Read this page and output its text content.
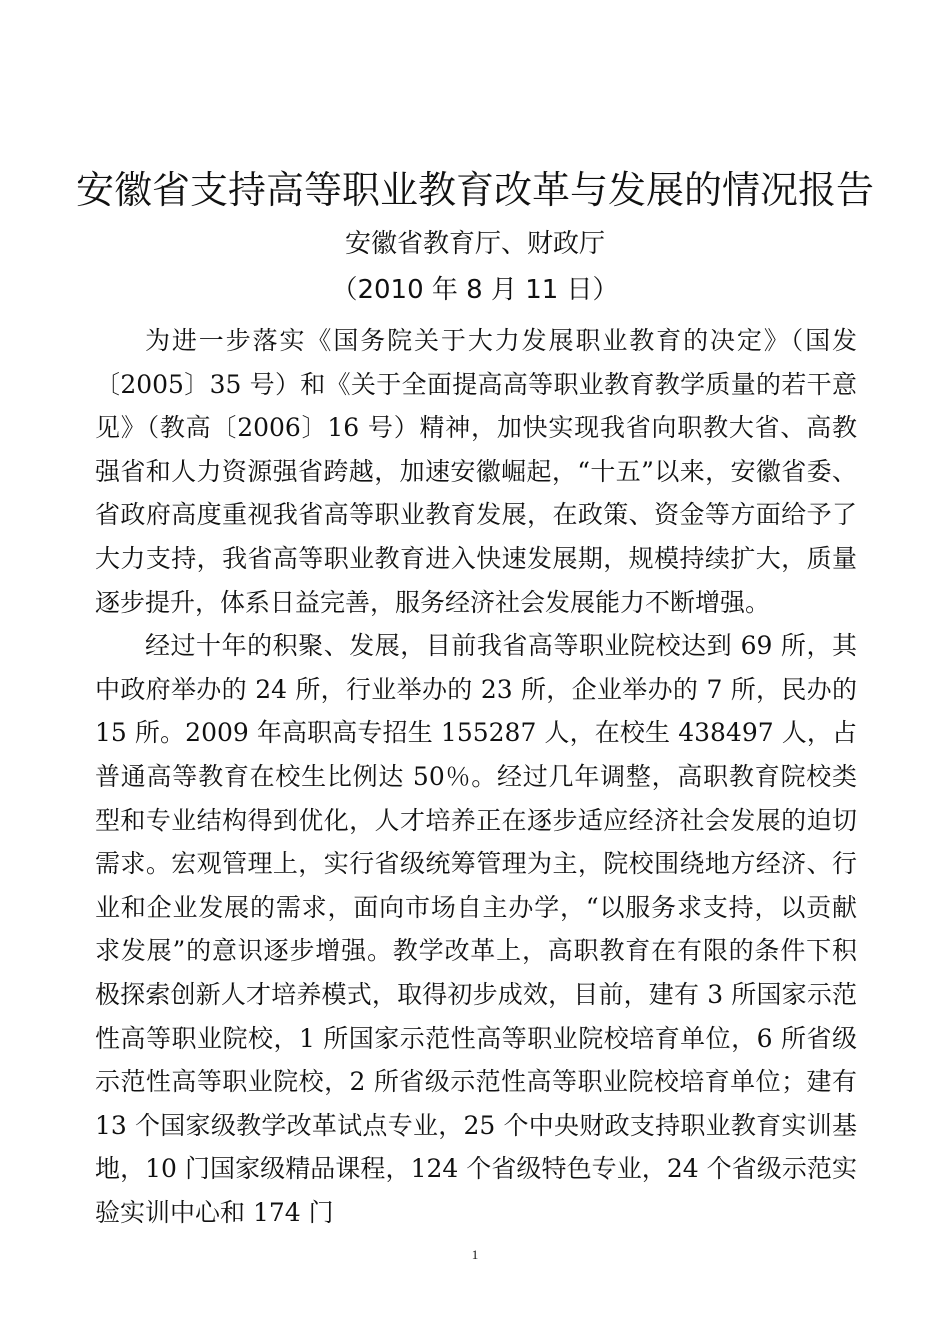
安徽省支持高等职业教育改革与发展的情况报告
安徽省教育厅、财政厅
（2010 年 8 月 11 日）

为进一步落实《国务院关于大力发展职业教育的决定》（国发〔2005〕35 号）和《关于全面提高高等职业教育教学质量的若干意见》（教高〔2006〕16 号）精神，加快实现我省向职教大省、高教强省和人力资源强省跨越，加速安徽崛起，“十五”以来，安徽省委、省政府高度重视我省高等职业教育发展，在政策、资金等方面给予了大力支持，我省高等职业教育进入快速发展期，规模持续扩大，质量逐步提升，体系日益完善，服务经济社会发展能力不断增强。

经过十年的积聚、发展，目前我省高等职业院校达到 69 所，其中政府举办的 24 所，行业举办的 23 所，企业举办的 7 所，民办的 15 所。2009 年高职高专招生 155287 人，在校生 438497 人，占普通高等教育在校生比例达 50％。经过几年调整，高职教育院校类型和专业结构得到优化，人才培养正在逐步适应经济社会发展的迫切需求。宏观管理上，实行省级统筹管理为主，院校围绕地方经济、行业和企业发展的需求，面向市场自主办学，“以服务求支持，以贡献求发展”的意识逐步增强。教学改革上，高职教育在有限的条件下积极探索创新人才培养模式，取得初步成效，目前，建有 3 所国家示范性高等职业院校，1 所国家示范性高等职业院校培育单位，6 所省级示范性高等职业院校，2 所省级示范性高等职业院校培育单位；建有 13 个国家级教学改革试点专业，25 个中央财政支持职业教育实训基地，10 门国家级精品课程，124 个省级特色专业，24 个省级示范实验实训中心和 174 门

1
